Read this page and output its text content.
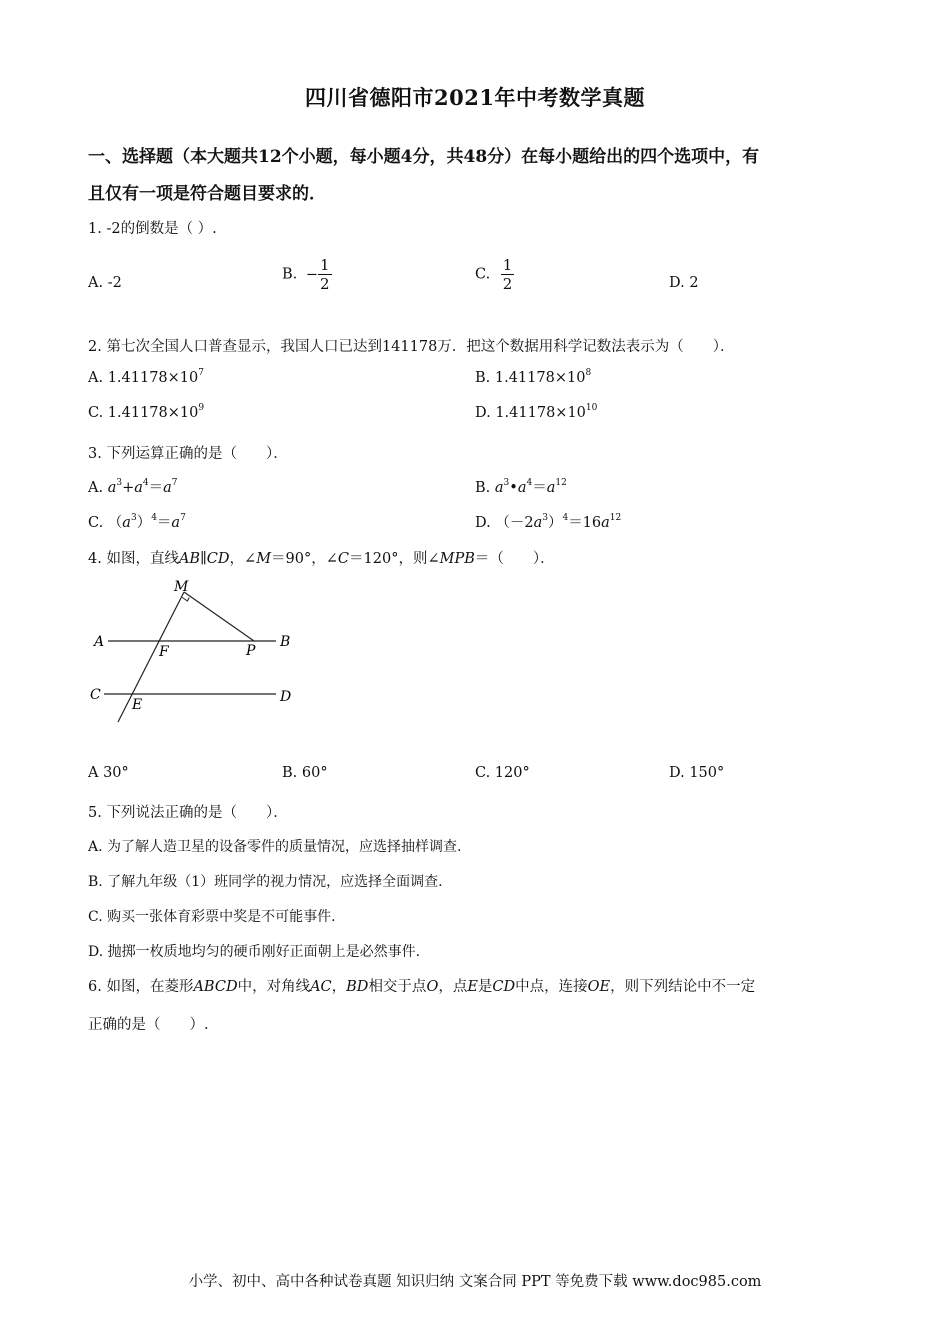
四川省德阳市2021年中考数学真题
一、选择题（本大题共12个小题，每小题4分，共48分）在每小题给出的四个选项中，有
且仅有一项是符合题目要求的．
1. -2的倒数是（ ）.
A. -2
B. − $\frac{1}{2}$	C. $\frac{1}{2}$	D. 2
2. 第七次全国人口普查显示，我国人口已达到141178万．把这个数据用科学记数法表示为（　　）．
A. $1.41178\times 10^7$	B. $1.41178\times 10^8$
C. $1.41178\times 10^9$	D. $1.41178\times 10^{10}$
3. 下列运算正确的是（　　）．
A. $a^3+a^4=a^7$	B. $a^3•a^4=a^{12}$
C. $(a^3)^4=a^7$	D. $(-2a^3)^4=16a^{12}$
4. 如图，直线AB∥CD，∠M＝90°，∠C＝120°，则∠MPB＝（　　）．
M
A	B
F	P
C
E	D
A 30°	B. 60°	C. 120°	D. 150°
5. 下列说法正确的是（　　）．
A. 为了解人造卫星的设备零件的质量情况，应选择抽样调查.
B. 了解九年级（1）班同学的视力情况，应选择全面调查.
C. 购买一张体育彩票中奖是不可能事件.
D. 抛掷一枚质地均匀的硬币刚好正面朝上是必然事件.
6. 如图，在菱形ABCD中，对角线AC，BD相交于点O，点E是CD中点，连接OE，则下列结论中不一定
正确的是（　　）.
小学、初中、高中各种试卷真题 知识归纳 文案合同 PPT 等免费下载 www.doc985.com
